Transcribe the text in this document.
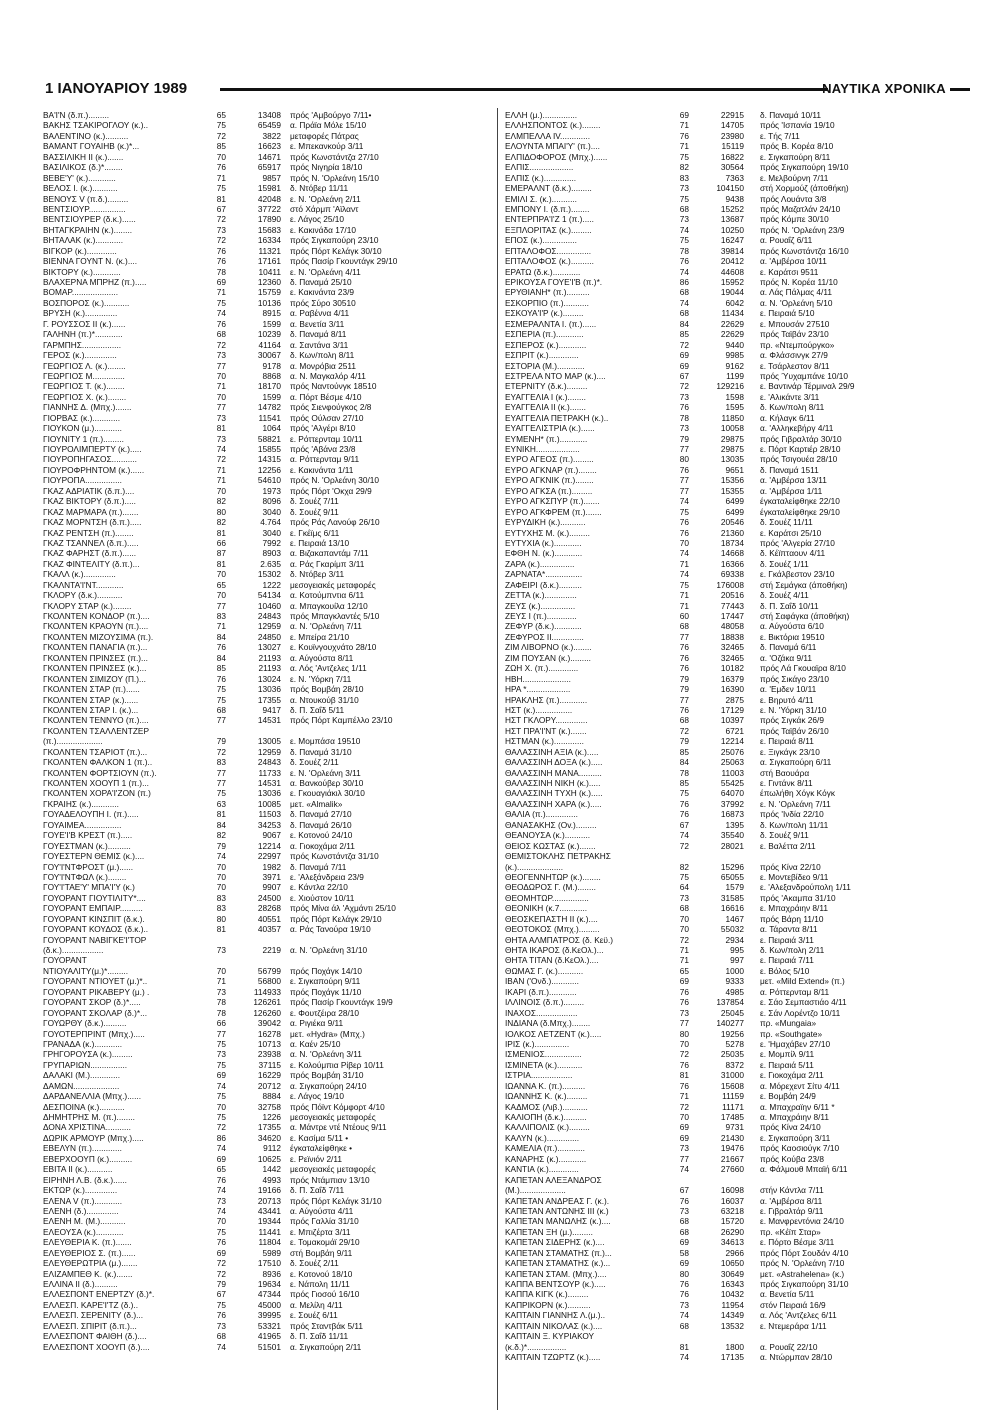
1 ΙΑΝΟΥΑΡΙΟΥ 1989	ΝΑΥΤΙΚΑ ΧΡΟΝΙΚΑ
ΒΑ'Ι'Ν (δ.π.).........	65	13408 πρός 'Αμβούργο 7/11•
ΒΑΚΗΣ ΤΣΑΚΙΡΟΓΛΟΥ (κ.)..	75	65459 α. Πράϊα Μόλε 15/10
ΒΑΛΕΝΤΙΝΟ (κ.)..........	72	3822 μεταφορές Πάτρας
ΒΑΜΑΝΤ ΓΟΥΑΙΗΒ (κ.)*...	85	16623 ε. Μπεκανκούρ 3/11
ΒΑΣΣΙΛΙΚΗ ΙΙ (κ.).......	70	14671 πρός Κωνστάντζα 27/10
ΒΑΣΙΛΙΚΟΣ (δ.)*........	76	65917 πρός Νιγηρία 18/10
ΒΕΒΕ'Υ' (κ.)............	71	9857 πρός Ν. 'Ορλεάνη 15/10
ΒΕΛΟΣ Ι. (κ.)...........	75	15981 δ. Ντόβερ 11/11
ΒΕΝΟΥΣ V (π.δ.).........	81	42048 ε. Ν. 'Ορλεάνη 2/11
ΒΕΝΤΣΙΟΥΡ................	67	37722 στό Χάρμπ 'Αϊλαντ
ΒΕΝΤΣΙΟΥΡΕΡ (δ.κ.)......	72	17890 ε. Λάγος 25/10
ΒΗΤΑΓΚΡΑΙΗΝ (κ.)........	73	15683 ε. Κακινάδα 17/10
ΒΗΤΑΛΑΚ (κ.)............	72	16334 πρός Σιγκαπούρη 23/10
ΒΙΓΚΟΡ (κ.).............	76	11321 πρός Πόρτ Κελάγκ 30/10
ΒΙΕΝΝΑ ΓΟΥΝΤ Ν. (κ.)....	76	17161 πρός Πασίρ Γκουντάγκ 29/10
ΒΙΚΤΟΡΥ (κ.)............	78	10411 ε. Ν. 'Ορλεάνη 4/11
ΒΛΑΧΕΡΝΑ ΜΠΡΗΖ (π.).....	69	12360 δ. Παναμά 25/10
ΒΟΜΑΡ....................	71	15759 ε. Κακινάντα 23/9
ΒΟΣΠΟΡΟΣ (κ.)...........	75	10136 πρός Σύρο 30510
ΒΡΥΣΗ (κ.)..............	74	8915 α. Ραβέννα 4/11
Γ. ΡΟΥΣΣΟΣ ΙΙ (κ.)......	76	1599 α. Βενετία 3/11
ΓΑΛΗΝΗ (π.)*............	68	10239 δ. Παναμά 8/11
ΓΑΡΜΠΗΣ.................	72	41164 α. Σαντάνα 3/11
ΓΕΡΟΣ (κ.)..............	73	30067 δ. Κων/πολη 8/11
ΓΕΩΡΓΙΟΣ Λ. (κ.)........	77	9178 α. Μονρόβια 2511
ΓΕΩΡΓΙΟΣ Μ..............	70	8868 α. Ν. Μαγκαλόρ 4/11
ΓΕΩΡΓΙΟΣ Τ. (κ.)........	71	18170 πρός Ναντούνγκ 18510
ΓΕΩΡΓΙΟΣ Χ. (κ.)........	70	1599 α. Πόρτ Βέσμε 4/10
ΓΙΑΝΝΗΣ Δ. (Μπχ.).......	77	14782 πρός Σιενφούγκος 2/8
ΓΙΟΡΒΑΣ (κ.)............	73	11541 πρός Ούλσαν 27/10
ΓΙΟΥΚΟΝ (μ.)............	81	1064 πρός 'Αλγέρι 8/10
ΓΙΟΥΝΙΤΥ 1 (π.).........	73	58821 ε. Ρόττερνταμ 10/11
ΓΙΟΥΡΟΛΙΜΠΕΡΤΥ (κ.).....	74	15855 πρός 'Αβάνα 23/8
ΓΙΟΥΡΟΠΗΓΑΣΟΣ...........	72	14315 α. Ρόττερνταμ 9/11
ΓΙΟΥΡΟΦΡΗΝΤΟΜ (κ.)......	71	12256 ε. Κακινάντα 1/11
ΓΙΟΥΡΟΠΑ................	71	54610 πρός Ν. 'Ορλεάνη 30/10
ΓΚΑΖ ΑΔΡΙΑΤΙΚ (δ.π.)....	70	1973 πρός Πόρτ 'Οκχα 29/9
ΓΚΑΖ ΒΙΚΤΟΡΥ (δ.π.).....	82	8096 δ. Σουέζ 7/11
ΓΚΑΖ ΜΑΡΜΑΡΑ (π.).......	80	3040 δ. Σουέζ 9/11
ΓΚΑΖ ΜΟΡΝΤΣΗ (δ.π.).....	82	4.764 πρός Ράς Λανούφ 26/10
ΓΚΑΖ ΡΕΝΤΣΗ (π.)........	81	3040 ε. Γκέϊμς 6/11
ΓΚΑΖ ΤΣΑΝΝΕΛ (δ.π.).....	66	7992 ε. Πειραιά 13/10
ΓΚΑΖ ΦΑΡΗΣΤ (δ.π.)......	87	8903 α. Βιζακαπαντάμ 7/11
ΓΚΑΖ ΦΙΝΤΕΛΙΤΥ (δ.π.)...	81	2.635 α. Ράς Γκαρίμπ 3/11
ΓΚΑΛΛ (κ.)..............	70	15302 δ. Ντόβερ 3/11
ΓΚΑΛΝΤΑ'Ι'ΝΤ............	65	1222 μεσογειακές μεταφορές
ΓΚΛΟΡΥ (δ.κ.)...........	70	54134 α. Κοτούμπντια 6/11
ΓΚΛΟΡΥ ΣΤΑΡ (κ.)........	77	10460 α. Μπαγκουίλα 12/10
ΓΚΟΛΝΤΕΝ ΚΟΝΔΟΡ (π.)....	83	24843 πρός Μπαγκλαντές 5/10
ΓΚΟΛΝΤΕΝ ΚΡΑΟΥΝ (π.)....	71	12959 α. Ν. 'Ορλεάνη 7/11
ΓΚΟΛΝΤΕΝ ΜΙΖΟΥΣΙΜΑ (π.).	84	24850 ε. Μπείρα 21/10
ΓΚΟΛΝΤΕΝ ΠΑΝΑΓΙΑ (π.)...	76	13027 ε. Κουϊνγουχνάτο 28/10
ΓΚΟΛΝΤΕΝ ΠΡΙΝΣΕΣ (π.)...	84	21193 α. Αύγούστα 8/11
ΓΚΟΛΝΤΕΝ ΠΡΙΝΣΕΣ (κ.)...	85	21193 α. Λός 'Αντζελες 1/11
ΓΚΟΛΝΤΕΝ ΣΙΜΙΖΟΥ (Π.)...	76	13024 ε. Ν. 'Υόρκη 7/11
ΓΚΟΛΝΤΕΝ ΣΤΑΡ (π.)......	75	13036 πρός Βομβάη 28/10
ΓΚΟΛΝΤΕΝ ΣΤΑΡ (κ.)......	75	17355 α. Ντουκούβ 31/10
ΓΚΟΛΝΤΕΝ ΣΤΑΡ Ι. (κ.)...	68	9417 δ. Π. Σαΐδ 5/11
ΓΚΟΛΝΤΕΝ ΤΕΝΝΥΟ (π.)....	77	14531 πρός Πόρτ Καμπέλλο 23/10
ΓΚΟΛΝΤΕΝ ΤΣΑΛΛΕΝΤΖΕΡ
(π.)....................	79	13005 ε. Μομπάσα 19510
ΓΚΟΛΝΤΕΝ ΤΣΑΡΙΟΤ (π.)...	72	12959 δ. Παναμά 31/10
ΓΚΟΛΝΤΕΝ ΦΑΛΚΟΝ 1 (π.)..	83	24843 δ. Σουέζ 2/11
ΓΚΟΛΝΤΕΝ ΦΟΡΤΣΙΟΥΝ (π.).	77	11733 ε. Ν. 'Ορλεάνη 3/11
ΓΚΟΛΝΤΕΝ ΧΟΟΥΠ 1 (π.)...	77	14531 α. Βανκούβερ 30/10
ΓΚΟΛΝΤΕΝ ΧΟΡΑ'Ι'ΖΟΝ (π.)	75	13036 ε. Γκουαγιάκιλ 30/10
ΓΚΡΑΙΗΣ (κ.)............	63	10085 μετ. «Almalik»
ΓΟΥΑΔΕΛΟΥΠΗ Ι. (π.).....	81	11503 δ. Παναμά 27/10
ΓΟΥΑΙΜΕΑ................	84	34253 δ. Παναμά 26/10
ΓΟΥΕ'Ι'Β ΚΡΕΣΤ (π.).....	82	9067 ε. Κοτονού 24/10
ΓΟΥΕΣΤΜΑΝ (κ.)..........	79	12214 α. Γιοκοχάμα 2/11
ΓΟΥΕΣΤΕΡΝ ΘΕΜΙΣ (κ.)....	74	22997 πρός Κωνστάντζα 31/10
ΓΟΥ'Ι'ΝΤΦΡΟΣΤ (μ.)......	70	1982 δ. Παναμά 7/11
ΓΟΥ'Ι'ΝΤΦΩΛ (κ.)........	70	3971 ε. 'Αλεξάνδρεια 23/9
ΓΟΥ'Ι'ΤΑΕ'Υ' ΜΠΑ'Ι'Υ (κ.)	70	9907 ε. Κάντλα 22/10
ΓΟΥΟΡΑΝΤ ΓΙΟΥΤΙΛΙΤΥ*....	83	24500 ε. Χιούστον 10/11
ΓΟΥΟΡΑΝΤ ΕΜΠΑΙΡ..........	83	28268 πρός Μίνα άλ 'Αχμάντι 25/10
ΓΟΥΟΡΑΝΤ ΚΙΝΣΠΙΤ (δ.κ.).	80	40551 πρός Πόρτ Κελάγκ 29/10
ΓΟΥΟΡΑΝΤ ΚΟΥΔΟΣ (δ.κ.)..	81	40357 α. Ράς Τανούρα 19/10
ΓΟΥΟΡΑΝΤ ΝΑΒΙΓΚΕ'Ι'ΤΟΡ
(δ.κ.)..................	73	2219 α. Ν. 'Ορλεάνη 31/10
ΓΟΥΟΡΑΝΤ
ΝΤΙΟΥΑΛΙΤΥ(μ.)*.........	70	56799 πρός Ποχάγκ 14/10
ΓΟΥΟΡΑΝΤ ΝΤΙΟΥΕΤ (μ.)*..	71	56800 ε. Σιγκαπούρη 9/11
ΓΟΥΟΡΑΝΤ ΡΙΚΑΒΕΡΥ (μ.) .	73	114933 πρός Ποχάγκ 11/10
ΓΟΥΟΡΑΝΤ ΣΚΟΡ (δ.)*.....	78	126261 πρός Πασίρ Γκουντάγκ 19/9
ΓΟΥΟΡΑΝΤ ΣΚΟΛΑΡ (δ.)*...	78	126260 ε. Φουτζέιρα 28/10
ΓΟΥΩΡΘΥ (δ.κ.)..........	66	39042 α. Ριγιέκα 9/11
ΓΟΥΟΤΕΡΠΡΙΝΤ (Μπχ.).....	77	16278 μετ. «Hydra» (Μπχ.)
ΓΡΑΝΑΔΑ (κ.)............	75	10713 α. Καέν 25/10
ΓΡΗΓΟΡΟΥΣΑ (κ.).........	73	23938 α. Ν. 'Ορλεάνη 3/11
ΓΡΥΠΑΡΙΩΝ................	75	37115 ε. Κολούμπια Ρίβερ 10/11
ΔΑΛΑΚΙ (Μ.).............	69	16229 πρός Βομβάη 31/10
ΔΑΜΩΝ....................	74	20712 α. Σιγκαπούρη 24/10
ΔΑΡΔΑΝΕΛΛΙΑ (Μπχ.)......	75	8884 ε. Λάγος 19/10
ΔΕΣΠΟΙΝΑ (κ.)...........	70	32758 πρός Πόϊντ Κόμφορτ 4/10
ΔΗΜΗΤΡΗΣ Μ. (π.)........	75	1226 μεσογειακές μεταφορές
ΔΟΝΑ ΧΡΙΣΤΙΝΑ...........	72	17355 α. Μάντρε ντέ Ντέους 9/11
ΔΩΡΙΚ ΑΡΜΟΥΡ (Μπχ.).....	86	34620 ε. Κασίμα 5/11 •
ΕΒΕΛΥΝ (π.).............	74	9112 έγκαταλείφθηκε •
ΕΒΕΡΧΟΟΥΠ (κ.)..........	69	10625 ε. Ρεϊνιόν 2/11
ΕΒΙΤΑ ΙΙ (κ.)...........	65	1442 μεσογειακές μεταφορές
ΕΙΡΗΝΗ Λ.Β. (δ.κ.)......	76	4993 πρός Ντάμπιαν 13/10
ΕΚΤΩΡ (κ.)..............	74	19166 δ. Π. Σαΐδ 7/11
ΕΛΕΝΑ V (π.)............	73	20713 πρός Πόρτ Κελάγκ 31/10
ΕΛΕΝΗ (δ.)..............	74	43441 α. Αύγούστα 4/11
ΕΛΕΝΗ Μ. (Μ.)...........	70	19344 πρός Γαλλία 31/10
ΕΛΕΟΥΣΑ (κ.)............	75	11441 ε. Μπιζέρτα 3/11
ΕΛΕΥΘΕΡΙΑ Κ. (π.).......	76	11804 ε. Τομακομάϊ 29/10
ΕΛΕΥΘΕΡΙΟΣ Σ. (π.)......	69	5989 στή Βομβάη 9/11
ΕΛΕΥΘΕΡΩΤΡΙΑ (μ.).......	72	17510 δ. Σουέζ 2/11
ΕΛΙΖΑΜΠΕΘ Κ. (κ.).......	72	8936 ε. Κοτονού 18/10
ΕΛΛΙΝΑ ΙΙ (δ.)..........	79	19634 ε. Νάπολη 11/11
ΕΛΛΕΣΠΟΝΤ ΕΝΕΡΤΖΥ (δ.)*.	67	47344 πρός Γιοσού 16/10
ΕΛΛΕΣΠ. ΚΑΡΕ'Ι'ΤΖ (δ.)..	75	45000 α. Μελίλη 4/11
ΕΛΛΕΣΠ. ΣΕΡΕΝΙΤΥ (δ.)...	76	39995 ε. Σουέζ 6/11
ΕΛΛΕΣΠ. ΣΠΙΡΙΤ (δ.π.)...	73	53321 πρός Σταντβάκ 5/11
ΕΛΛΕΣΠΟΝΤ ΦΑΙΘΗ (δ.)....	68	41965 δ. Π. Σαΐδ 11/11
ΕΛΛΕΣΠΟΝΤ ΧΟΟΥΠ (δ.)....	74	51501 α. Σιγκαπούρη 2/11
ΕΛΛΗ (μ.)...............	69	22915 δ. Παναμά 10/11
ΕΛΛΗΣΠΟΝΤΟΣ (κ.)........	71	14705 πρός 'Ισπανία 19/10
ΕΛΜΠΕΛΛΑ IV.............	76	23980 ε. Τής 7/11
ΕΛΟΥΝΤΑ ΜΠΑΙ'Υ' (π.)....	71	15119 πρός Β. Κορέα 8/10
ΕΛΠΙΔΟΦΟΡΟΣ (Μπχ.)......	75	16822 ε. Σιγκαπούρη 8/11
ΕΛΠΙΣ...................	82	30564 πρός Σιγκαπούρη 19/10
ΕΛΠΙΣ (κ.)..............	83	7363 ε. Μελβούρνη 7/11
ΕΜΕΡΑΛΝΤ (δ.κ.).........	73	104150 στή Χορμούζ (άποθήκη)
ΕΜΙΛΙ Σ. (κ.)...........	75	9438 πρός Λουάντα 3/8
ΕΜΠΟΝΥ Ι. (δ.π.)........	68	15252 πρός Μαζατλάν 24/10
ΕΝΤΕΡΠΡΑ'Ι'Ζ 1 (π.).....	73	13687 πρός Κόμπε 30/10
ΕΞΠΛΟΡΙΤΑΣ (κ.).........	74	10250 πρός Ν. 'Ορλεάνη 23/9
ΕΠΟΣ (κ.)...............	75	16247 α. Ρουαΐζ 6/11
ΕΠΤΑΛΟΦΟΣ...............	78	39814 πρός Κωνστάντζα 16/10
ΕΠΤΑΛΟΦΟΣ (κ.)..........	76	20412 α. 'Αμβέρσα 10/11
ΕΡΑΤΩ (δ.κ.)............	74	44608 ε. Καράτσι 9511
ΕΡΙΚΟΥΣΑ ΓΟΥΕ'Ι'Β (π.)*.	86	15952 πρός Ν. Κορέα 11/10
ΕΡΥΘΙΑΝΗ* (π.)..........	68	19044 α. Λάς Πάλμας 4/11
ΕΣΚΟΡΠΙΟ (π.)...........	74	6042 α. Ν. 'Ορλεάνη 5/10
ΕΣΚΟΥΑ'Ι'Ρ (κ.).........	68	11434 ε. Πειραιά 5/10
ΕΣΜΕΡΑΛΝΤΑ Ι. (π.)......	84	22629 ε. Μπουσάν 27510
ΕΣΠΕΡΙΑ (π.)............	85	22629 πρός Ταϊβάν 23/10
ΕΣΠΕΡΟΣ (κ.)............	72	9440 πρ. «Ντεμπούργκο»
ΕΣΠΡΙΤ (κ.).............	69	9985 α. Φλάσσινγκ 27/9
ΕΣΤΟΡΙΑ (Μ.)............	69	9162 ε. Τσάρλεστον 8/11
ΕΣΤΡΕΛΑ ΝΤΟ ΜΑΡ (κ.)....	67	1199 πρός Ύυχαμπάνε 10/10
ΕΤΕΡΝΙΤΥ (δ.κ.).........	72	129216 ε. Βαντινάρ Τέρμιναλ 29/9
ΕΥΑΓΓΕΛΙΑ Ι (κ.)........	73	1598 ε. 'Αλικάντε 3/11
ΕΥΑΓΓΕΛΙΑ ΙΙ (κ.).......	76	1595 δ. Κων/πολη 8/11
ΕΥΑΓΓΕΛΙΑ ΠΕΤΡΑΚΗ (κ.)..	78	11850 α. Κήλαγκ 6/11
ΕΥΑΓΓΕΛΙΣΤΡΙΑ (κ.)......	73	10058 α. 'Αλληκεβήργ 4/11
ΕΥΜΕΝΗ* (π.)............	79	29875 πρός Γιβραλτάρ 30/10
ΕΥΝΙΚΗ...................	77	29875 ε. Πόρτ Καρτιέρ 28/10
ΕΥΡΟ ΑΓΕΟΣ (π.).........	80	13035 πρός Τσιγουέα 28/10
ΕΥΡΟ ΑΓΚΝΑΡ (π.)........	76	9651 δ. Παναμά 1511
ΕΥΡΟ ΑΓΚΝΙΚ (π.)........	77	15356 α. 'Αμβέρσα 13/11
ΕΥΡΟ ΑΓΚΣΑ (π.).........	77	15355 α. 'Αμβέρσα 1/11
ΕΥΡΟ ΑΓΚΣΠΥΡ (π.).......	74	6499 έγκαταλείφθηκε 22/10
ΕΥΡΟ ΑΓΚΦΡΕΜ (π.).......	75	6499 έγκαταλείφθηκε 29/10
ΕΥΡΥΔΙΚΗ (κ.)...........	76	20546 δ. Σουέζ 11/11
ΕΥΤΥΧΗΣ Μ. (κ.).........	76	21360 ε. Καράτσι 25/10
ΕΥΤΥΧΙΑ (κ.)............	70	18734 πρός 'Αλγερία 27/10
ΕΦΘΗ Ν. (κ.)............	74	14668 δ. Κέϊπταουν 4/11
ΖΑΡΑ (κ.)...............	71	16366 δ. Σουέζ 1/11
ΖΑΡΝΑΤΑ*................	74	69338 ε. Γκάλβεστον 23/10
ΖΑΦΕΙΡΙ (δ.κ.)..........	75	176008 στή Σεμάγκα (άποθήκη)
ΖΕΤΤΑ (κ.)..............	71	20516 δ. Σουέζ 4/11
ΖΕΥΣ (κ.)...............	71	77443 δ. Π. Σαΐδ 10/11
ΖΕΥΣ Ι (π.).............	60	17447 στή Σαφάγκα (άποθήκη)
ΖΕΦΥΡ (δ.κ.)............	68	48058 α. Αύγούστα 6/10
ΖΕΦΥΡΟΣ ΙΙ..............	77	18838 ε. Βικτόρια 19510
ΖΙΜ ΛΙΒΟΡΝΟ (κ.)........	76	32465 δ. Παναμά 6/11
ΖΙΜ ΠΟΥΣΑΝ (κ.).........	76	32465 α. 'Οζάκα 9/11
ΖΩΗ Χ. (π.).............	76	10182 πρός Λά Γκουαϊρα 8/10
ΗΒΗ.....................	79	16379 πρός Σικάγο 23/10
ΗΡΑ *...................	79	16390 α. 'Εμδεν 10/11
ΗΡΑΚΛΗΣ (π.)............	77	2875 ε. Βηρυτό 4/11
ΗΣΤ (κ.)................	76	17129 ε. Ν. 'Υόρκη 31/10
ΗΣΤ ΓΚΛΟΡΥ..............	68	10397 πρός Σιγκάκ 26/9
ΗΣΤ ΠΡΑ'Ι'ΝΤ (κ.).......	72	6721 πρός Ταϊβάν 26/10
ΗΣΤΜΑΝ (κ.).............	79	12214 ε. Πειραιά 8/11
ΘΑΛΑΣΣΙΝΗ ΑΞΙΑ (κ.).....	85	25076 ε. Ξιγκάγκ 23/10
ΘΑΛΑΣΣΙΝΗ ΔΟΞΑ (κ.).....	84	25063 α. Σιγκαπούρη 6/11
ΘΑΛΑΣΣΙΝΗ ΜΑΝΑ..........	78	11003 στή Βαουάρα
ΘΑΛΑΣΣΙΝΗ ΝΙΚΗ (κ.).....	85	55425 ε. Γιντάνκ 8/11
ΘΑΛΑΣΣΙΝΗ ΤΥΧΗ (κ.).....	75	64070 έπωλήθη Χόγκ Κόγκ
ΘΑΛΑΣΣΙΝΗ ΧΑΡΑ (κ.).....	76	37992 ε. Ν. 'Ορλεάνη 7/11
ΘΑΛΙΑ (π.)..............	76	16873 πρός 'Ινδία 22/10
ΘΑΝΑΣΑΚΗΣ (Ov.).........	67	1395 δ. Κων/πολη 11/11
ΘΕΑΝΟΥΣΑ (κ.)...........	74	35540 δ. Σουέζ 9/11
ΘΕΙΟΣ ΚΩΣΤΑΣ (κ.).......	72	28021 ε. Βαλέττα 2/11
ΘΕΜΙΣΤΟΚΛΗΣ ΠΕΤΡΑΚΗΣ
(κ.)....................	82	15296 πρός Κίνα 22/10
ΘΕΟΓΕΝΝΗΤΩΡ (κ.)........	75	65055 ε. Μοντεβίδεο 9/11
ΘΕΟΔΩΡΟΣ Γ. (Μ.)........	64	1579 ε. 'Αλεξανδρούπολη 1/11
ΘΕΟΜΗΤΩΡ................	73	31585 πρός 'Ακαμπα 31/10
ΘΕΟΝΙΚΗ (κ.7............	68	16616 ε. Μπαχράιην 8/11
ΘΕΟΣΚΕΠΑΣΤΗ ΙΙ (κ.)....	70	1467 πρός Βάρη 11/10
ΘΕΟΤΟΚΟΣ (Μπχ.).........	70	55032 α. Τάραντα 8/11
ΘΗΤΑ ΑΛΜΠΑΤΡΟΣ (δ. Κεϋ.)	72	2934 ε. Πειραιά 3/11
ΘΗΤΑ ΙΚΑΡΟΣ (δ.ΚεΟλ.)...	71	995 δ. Κων/πολη 2/11
ΘΗΤΑ ΤΙΤΑΝ (δ.ΚεΟλ.)....	71	997 ε. Πειραιά 7/11
ΘΩΜΑΣ Γ. (κ.)...........	65	1000 ε. Βόλος 5/10
ΙΒΑΝ ('Ονδ.)............	69	9333 μετ. «Mild Extend» (π.)
ΙΚΑΡΙ (δ.π.)............	76	4985 α. Ρόττερνταμ 8/11
ΙΛΛΙΝΟΙΣ (δ.π.).........	76	137854 ε. Σάο Σεμπαστιάο 4/11
ΙΝΑΧΟΣ..................	73	25045 ε. Σάν Λορέντζο 10/11
ΙΝΔΙΑΝΑ (δ.Μπχ.)........	77	140277 πρ. «Mungaia»
ΙΟΛΚΟΣ ΛΕΤΖΕΝΤ (κ.).....	80	19256 πρ. «Southgate»
ΙΡΙΣ (κ.)...............	70	5278 ε. 'Ημαχάβεν 27/10
ΙΣΜΕΝΙΟΣ................	72	25035 ε. Μομπίλ 9/11
ΙΣΜΙΝΕΤΑ (κ.)...........	76	8372 ε. Πειραιά 5/11
ΙΣΤΡΙΑ..................	81	31000 ε. Γιοκοχάμα 2/11
ΙΩΑΝΝΑ Κ. (π.)..........	76	15608 α. Μόρεχεντ Σίτυ 4/11
ΙΩΑΝΝΗΣ Κ. (κ.).........	71	11159 ε. Βομβάη 24/9
ΚΑΔΜΟΣ (Λιβ.)...........	72	11171 α. Μπαχραϊην 6/11 *
ΚΑΛΙΟΠΗ (δ.κ.)..........	70	17485 α. Μπαχράιην 8/11
ΚΑΛΛΙΠΟΛΙΣ (κ.).........	69	9731 πρός Κίνα 24/10
ΚΑΛΥΝ (κ.)..............	69	21430 ε. Σιγκαπούρη 3/11
ΚΑΜΕΛΙΑ (π.)............	73	19476 πρός Καοσιούγκ 7/10
ΚΑΝΑΡΗΣ (κ.)............	77	21667 πρός Κούβα 23/8
ΚΑΝΤΙΑ (κ.).............	74	27660 α. Φάλμουθ Μπαϊή 6/11
ΚΑΠΕΤΑΝ ΑΛΕΞΑΝΔΡΟΣ
(Μ.)....................	67	16098 στήν Κάντλα 7/11
ΚΑΠΕΤΑΝ ΑΝΔΡΕΑΣ Γ. (κ.).	76	16037 α. 'Αμβέρσα 8/11
ΚΑΠΕΤΑΝ ΑΝΤΩΝΗΣ ΙΙΙ (κ.)	73	63218 ε. Γιβραλτάρ 9/11
ΚΑΠΕΤΑΝ ΜΑΝΩΛΗΣ (κ.)....	68	15720 ε. Μανφρεντόνια 24/10
ΚΑΠΕΤΑΝ ΞΗ (μ.).........	68	26290 πρ. «Κέϊπ Σταρ»
ΚΑΠΕΤΑΝ ΣΙΔΕΡΗΣ (κ.)....	69	34613 ε. Πόρτο Βέσμε 3/11
ΚΑΠΕΤΑΝ ΣΤΑΜΑΤΗΣ (π.)...	58	2966 πρός Πόρτ Σουδάν 4/10
ΚΑΠΕΤΑΝ ΣΤΑΜΑΤΗΣ (κ.)...	69	10650 πρός Ν. 'Ορλεάνη 7/10
ΚΑΠΕΤΑΝ ΣΤΑΜ. (Μπχ.)....	80	30649 μετ. «Astrahelena» (κ.)
ΚΑΠΠΑ ΒΕΝΤΣΟΥΡ (κ.).....	76	16343 πρός Σιγκαπούρη 31/10
ΚΑΠΠΑ ΚΙΓΚ (κ.).........	76	10432 α. Βενετία 5/11
ΚΑΠΡΙΚΟΡΝ (κ.)..........	73	11954 στόν Πειραιά 16/9
ΚΑΠΤΑΙΝ ΓΙΑΝΝΗΣ Λ.(μ.)..	74	14349 α. Λός 'Αντζελες 6/11
ΚΑΠΤΑΙΝ ΝΙΚΟΛΑΣ (κ.)....	68	13532 ε. Ντεμεράρα 1/11
ΚΑΠΤΑΙΝ Ξ. ΚΥΡΙΑΚΟΥ
(κ.δ.)*.................	81	1800 α. Ρουαΐζ 22/10
ΚΑΠΤΑΙΝ ΤΖΩΡΤΖ (κ.).....	74	17135 α. Ντώρμπαν 28/10
